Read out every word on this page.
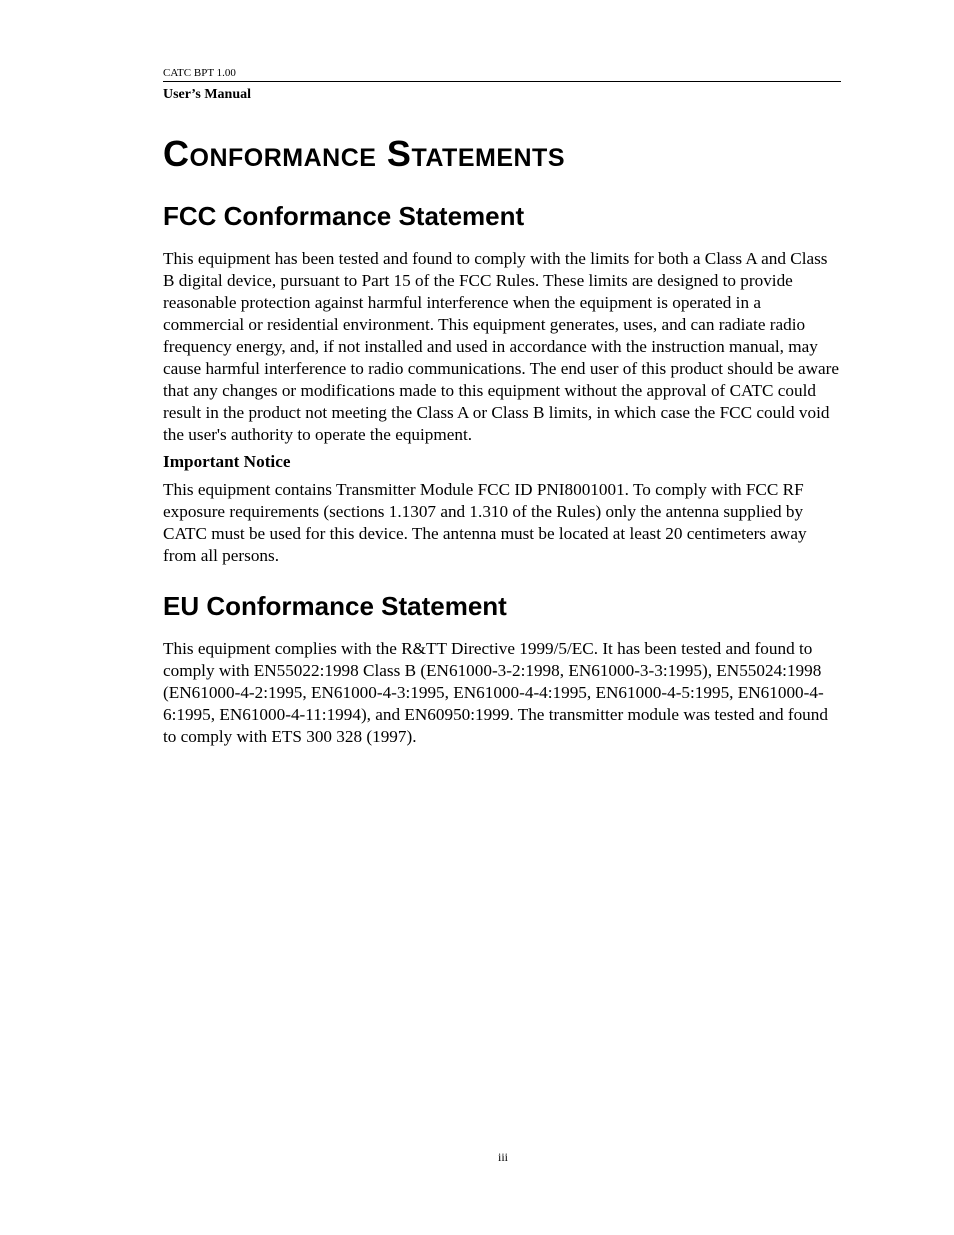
CATC BPT 1.00
User’s Manual
Conformance Statements
FCC Conformance Statement

This equipment has been tested and found to comply with the limits for both a Class A and Class B digital device, pursuant to Part 15 of the FCC Rules. These limits are designed to provide reasonable protection against harmful interference when the equipment is operated in a commercial or residential environment. This equipment generates, uses, and can radiate radio frequency energy, and, if not installed and used in accordance with the instruction manual, may cause harmful interference to radio communications. The end user of this product should be aware that any changes or modifications made to this equipment without the approval of CATC could result in the product not meeting the Class A or Class B limits, in which case the FCC could void the user's authority to operate the equipment.

Important Notice

This equipment contains Transmitter Module FCC ID PNI8001001. To comply with FCC RF exposure requirements (sections 1.1307 and 1.310 of the Rules) only the antenna supplied by CATC must be used for this device. The antenna must be located at least 20 centimeters away from all persons.

EU Conformance Statement

This equipment complies with the R&TT Directive 1999/5/EC. It has been tested and found to comply with EN55022:1998 Class B (EN61000-3-2:1998, EN61000-3-3:1995), EN55024:1998 (EN61000-4-2:1995, EN61000-4-3:1995, EN61000-4-4:1995, EN61000-4-5:1995, EN61000-4-6:1995, EN61000-4-11:1994), and EN60950:1999. The transmitter module was tested and found to comply with ETS 300 328 (1997).

iii
